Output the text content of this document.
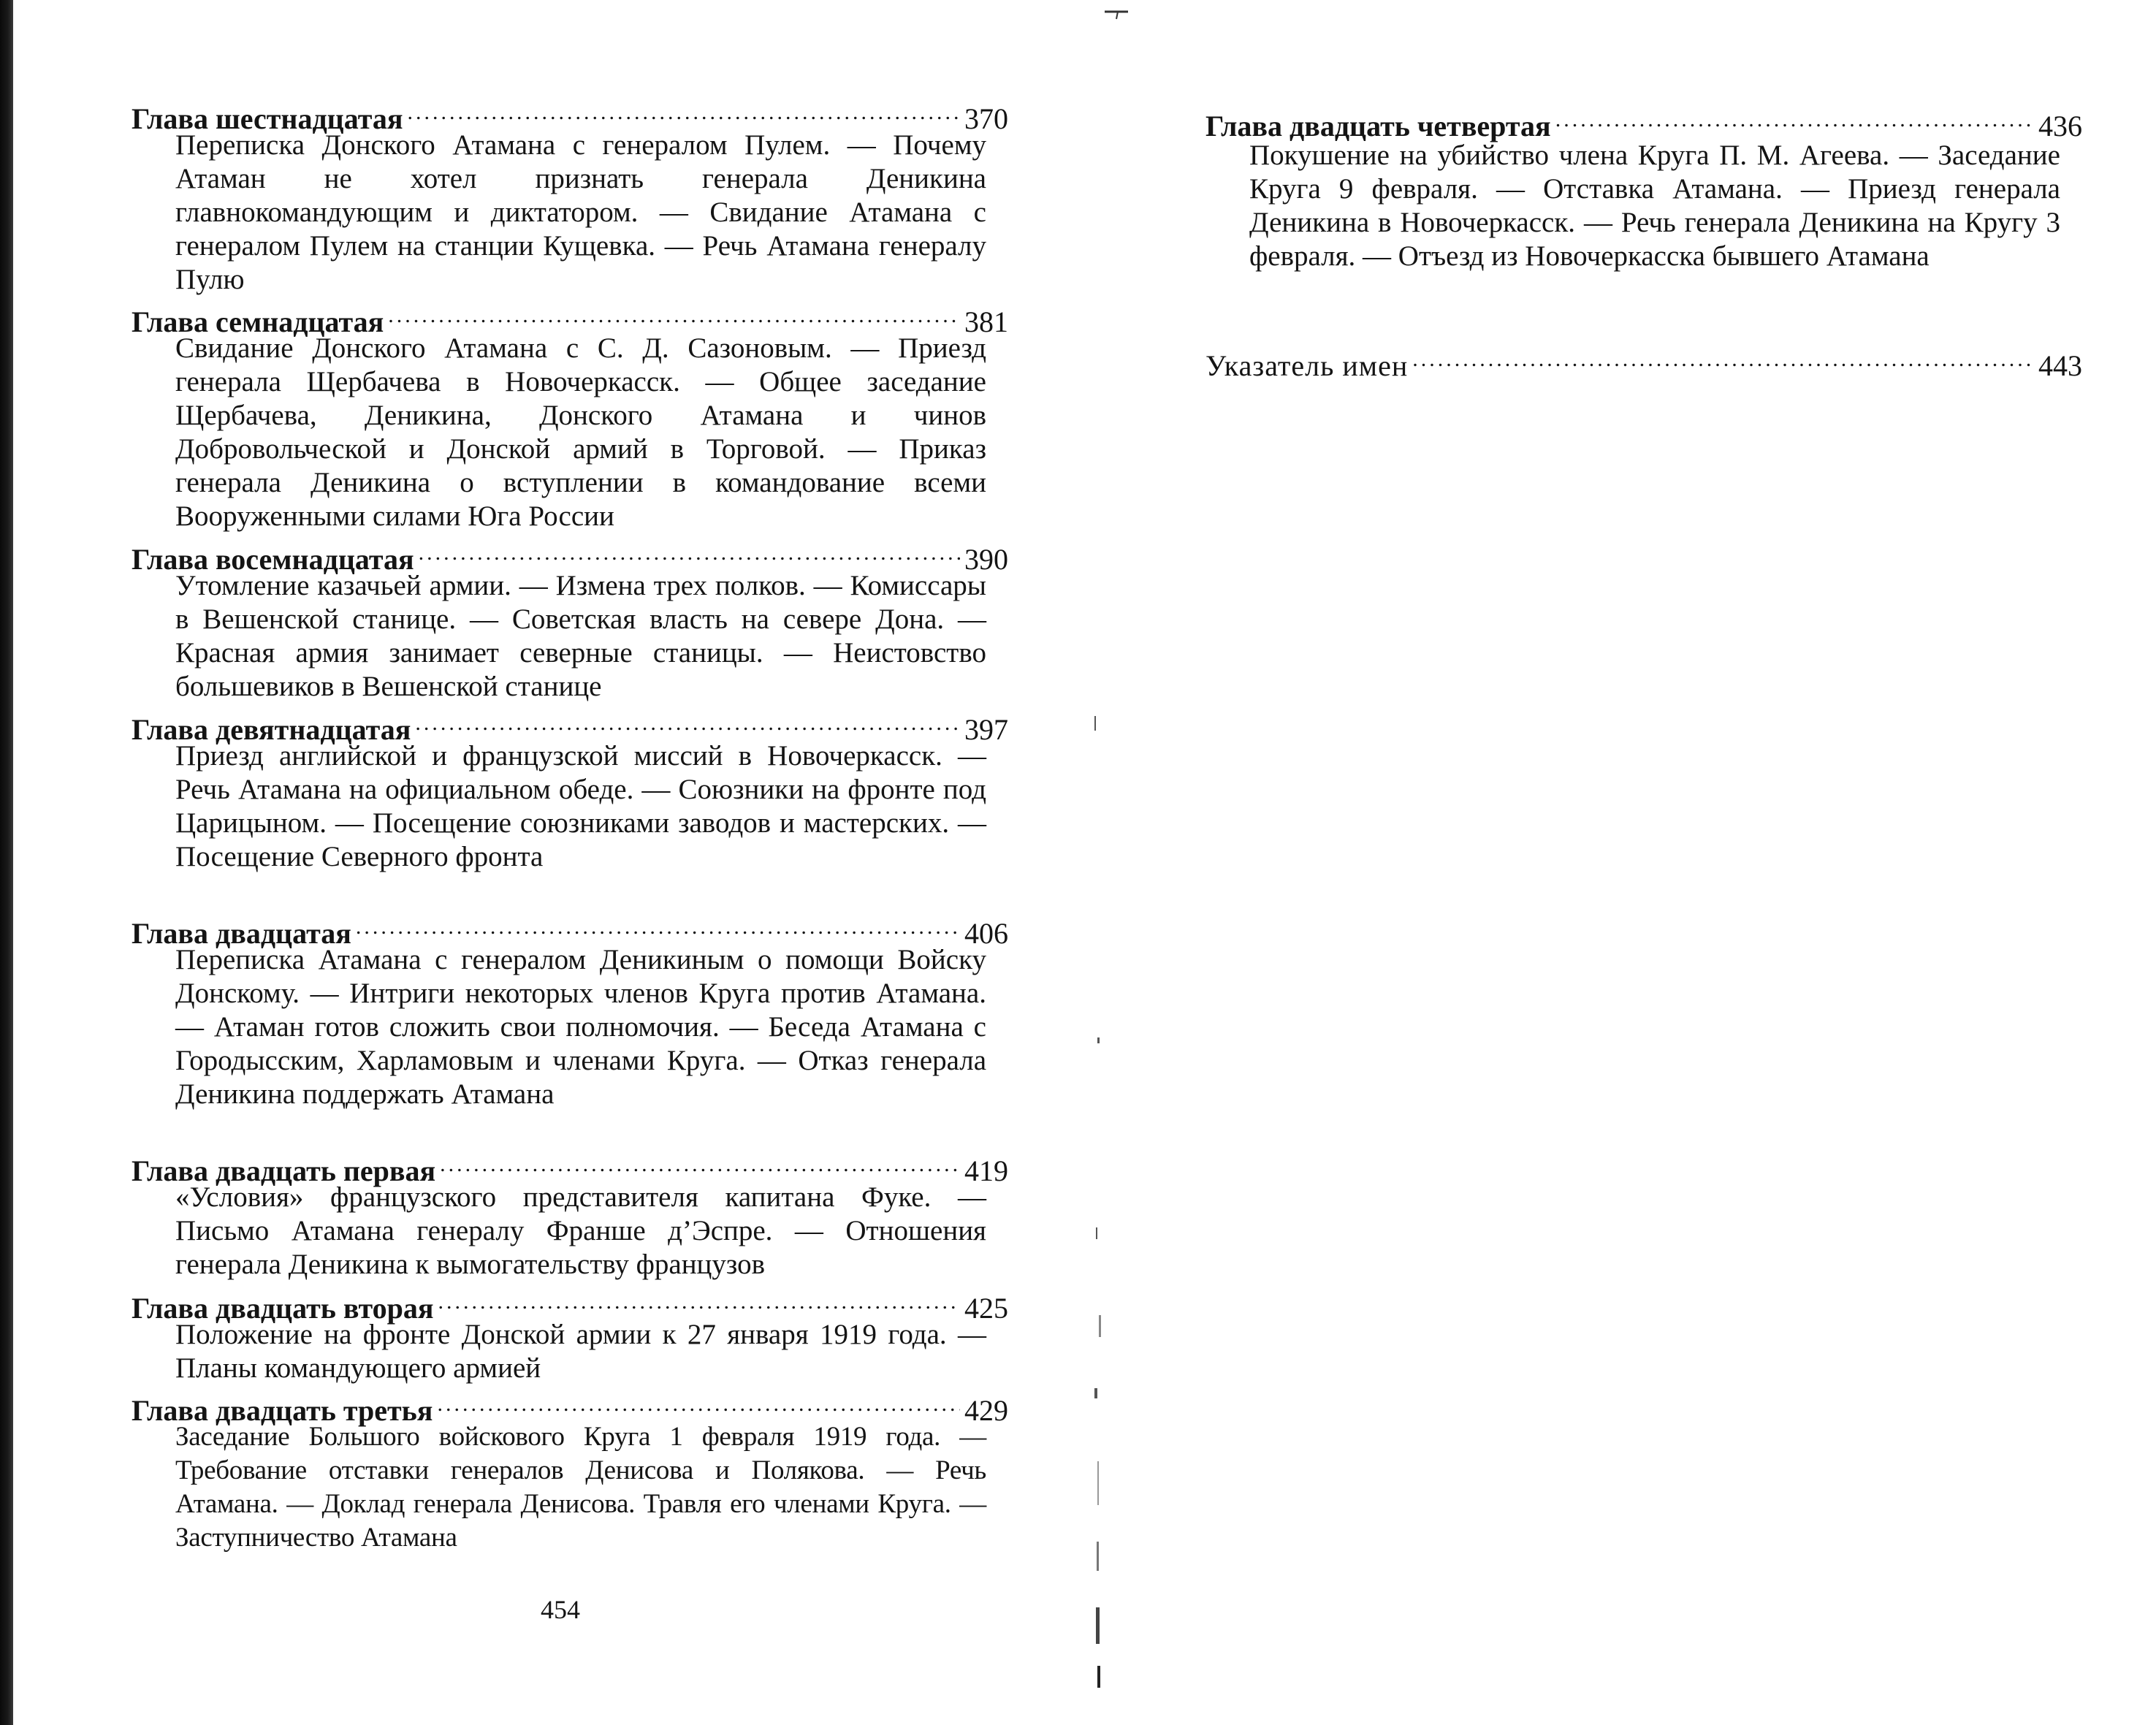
Глава шестнадцатая .....	370

Переписка Донского Атамана с генералом Пулем. — Почему Атаман не хотел признать генерала Деникина главнокомандующим и диктатором. — Свидание Атамана с генералом Пулем на станции Кущевка. — Речь Атамана генералу Пулю

Глава семнадцатая .....	381

Свидание Донского Атамана с С. Д. Сазоновым. — Приезд генерала Щербачева в Новочеркасск. — Общее заседание Щербачева, Деникина, Донского Атамана и чинов Добровольческой и Донской армий в Торговой. — Приказ генерала Деникина о вступлении в командование всеми Вооруженными силами Юга России

Глава восемнадцатая .....	390

Утомление казачьей армии. — Измена трех полков. — Комиссары в Вешенской станице. — Советская власть на севере Дона. — Красная армия занимает северные станицы. — Неистовство большевиков в Вешенской станице

Глава девятнадцатая .....	397

Приезд английской и французской миссий в Новочеркасск. — Речь Атамана на официальном обеде. — Союзники на фронте под Царицыном. — Посещение союзниками заводов и мастерских. — Посещение Северного фронта

Глава двадцатая .....	406

Переписка Атамана с генералом Деникиным о помощи Войску Донскому. — Интриги некоторых членов Круга против Атамана. — Атаман готов сложить свои полномочия. — Беседа Атамана с Городысским, Харламовым и членами Круга. — Отказ генерала Деникина поддержать Атамана

Глава двадцать первая .....	419

«Условия» французского представителя капитана Фуке. — Письмо Атамана генералу Франше д’Эспре. — Отношения генерала Деникина к вымогательству французов

Глава двадцать вторая .....	425

Положение на фронте Донской армии к 27 января 1919 года. — Планы командующего армией

Глава двадцать третья .....	429

Заседание Большого войскового Круга 1 февраля 1919 года. — Требование отставки генералов Денисова и Полякова. — Речь Атамана. — Доклад генерала Денисова. Травля его членами Круга. — Заступничество Атамана

454
Глава двадцать четвертая .....	436

Покушение на убийство члена Круга П. М. Агеева. — Заседание Круга 9 февраля. — Отставка Атамана. — Приезд генерала Деникина в Новочеркасск. — Речь генерала Деникина на Кругу 3 февраля. — Отъезд из Новочеркасска бывшего Атамана

Указатель имен .....	443
